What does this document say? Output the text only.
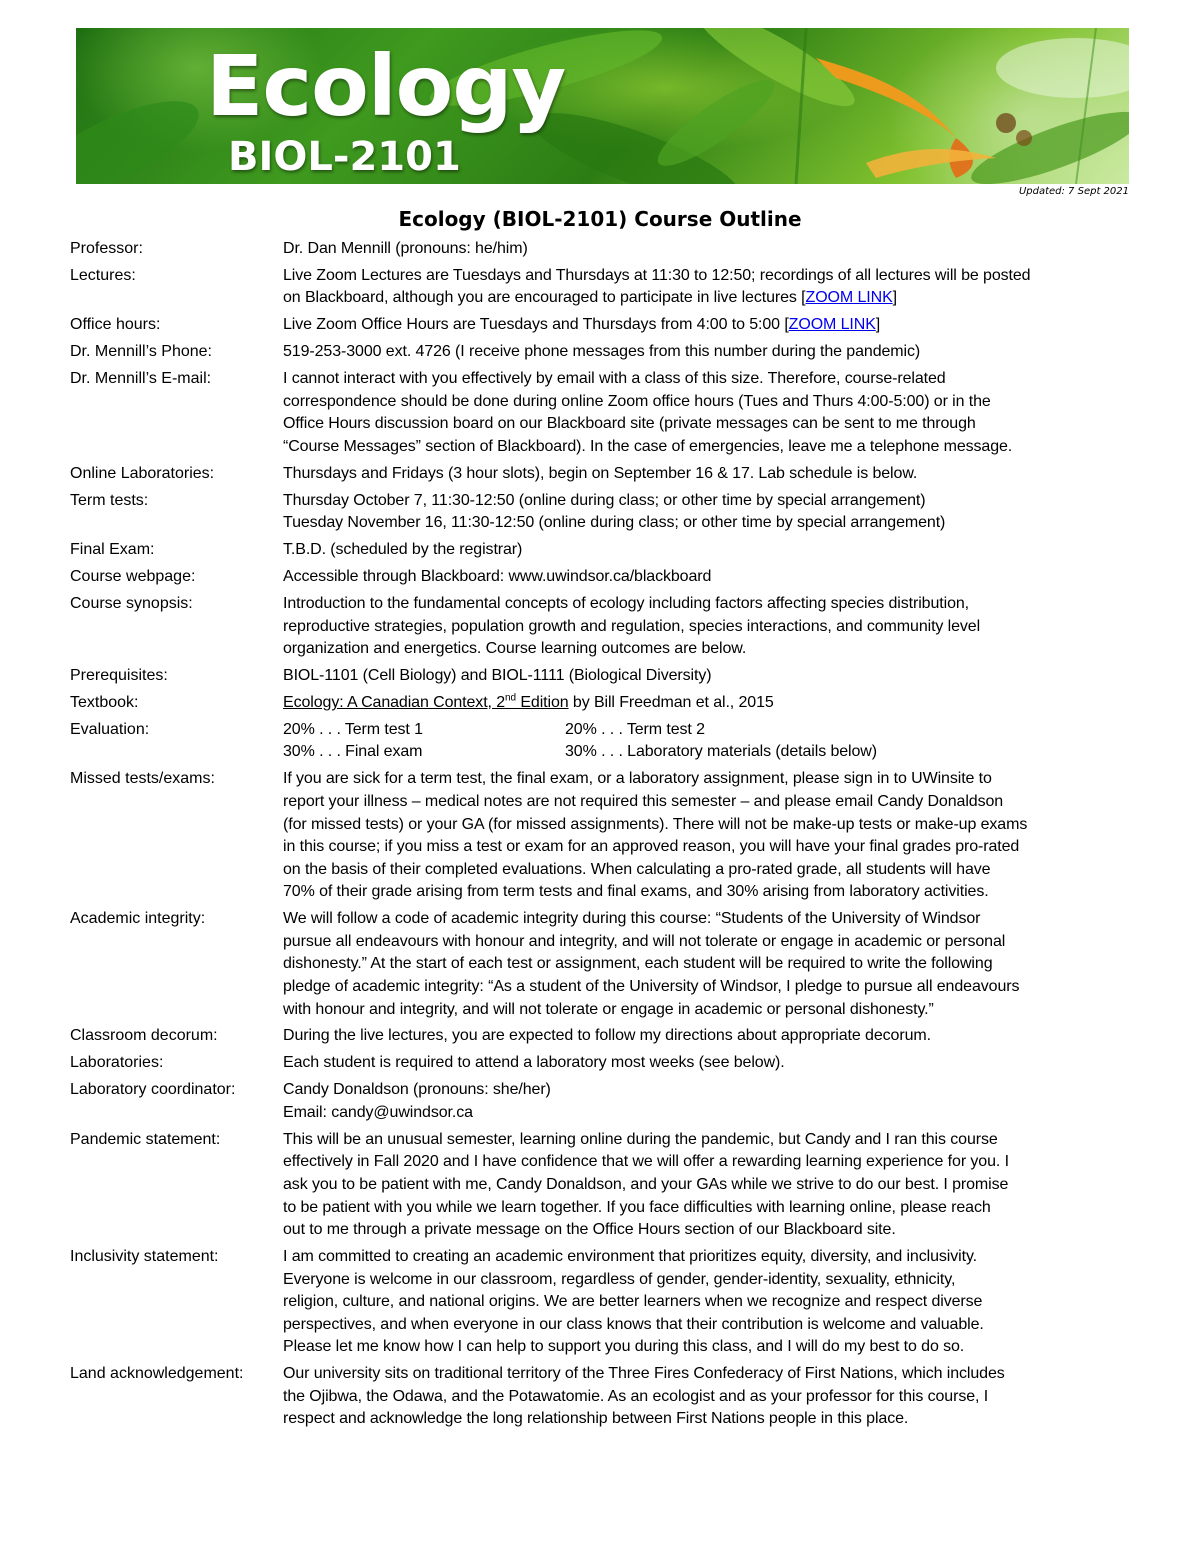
Ecology
BIOL-2101
Updated: 7 Sept 2021
Ecology (BIOL-2101) Course Outline
Professor:	Dr. Dan Mennill (pronouns: he/him)
Lectures:	Live Zoom Lectures are Tuesdays and Thursdays at 11:30 to 12:50; recordings of all lectures will be posted
on Blackboard, although you are encouraged to participate in live lectures [ZOOM LINK]
Office hours:	Live Zoom Office Hours are Tuesdays and Thursdays from 4:00 to 5:00 [ZOOM LINK]
Dr. Mennill’s Phone:	519-253-3000 ext. 4726 (I receive phone messages from this number during the pandemic)
Dr. Mennill’s E-mail:	I cannot interact with you effectively by email with a class of this size. Therefore, course-related
correspondence should be done during online Zoom office hours (Tues and Thurs 4:00-5:00) or in the
Office Hours discussion board on our Blackboard site (private messages can be sent to me through
“Course Messages” section of Blackboard). In the case of emergencies, leave me a telephone message.
Online Laboratories:	Thursdays and Fridays (3 hour slots), begin on September 16 & 17. Lab schedule is below.
Term tests:	Thursday October 7, 11:30-12:50 (online during class; or other time by special arrangement)
Tuesday November 16, 11:30-12:50 (online during class; or other time by special arrangement)
Final Exam:	T.B.D. (scheduled by the registrar)
Course webpage:	Accessible through Blackboard: www.uwindsor.ca/blackboard
Course synopsis:	Introduction to the fundamental concepts of ecology including factors affecting species distribution,
reproductive strategies, population growth and regulation, species interactions, and community level
organization and energetics. Course learning outcomes are below.
Prerequisites:	BIOL-1101 (Cell Biology) and BIOL-1111 (Biological Diversity)
Textbook:	Ecology: A Canadian Context, 2nd Edition by Bill Freedman et al., 2015
Evaluation:	20% . . . Term test 1	20% . . . Term test 2
30% . . . Final exam	30% . . . Laboratory materials (details below)
Missed tests/exams:	If you are sick for a term test, the final exam, or a laboratory assignment, please sign in to UWinsite to
report your illness – medical notes are not required this semester – and please email Candy Donaldson
(for missed tests) or your GA (for missed assignments). There will not be make-up tests or make-up exams
in this course; if you miss a test or exam for an approved reason, you will have your final grades pro-rated
on the basis of their completed evaluations. When calculating a pro-rated grade, all students will have
70% of their grade arising from term tests and final exams, and 30% arising from laboratory activities.
Academic integrity:	We will follow a code of academic integrity during this course: “Students of the University of Windsor
pursue all endeavours with honour and integrity, and will not tolerate or engage in academic or personal
dishonesty.” At the start of each test or assignment, each student will be required to write the following
pledge of academic integrity: “As a student of the University of Windsor, I pledge to pursue all endeavours
with honour and integrity, and will not tolerate or engage in academic or personal dishonesty.”
Classroom decorum:	During the live lectures, you are expected to follow my directions about appropriate decorum.
Laboratories:	Each student is required to attend a laboratory most weeks (see below).
Laboratory coordinator:	Candy Donaldson (pronouns: she/her)
Email: candy@uwindsor.ca
Pandemic statement:	This will be an unusual semester, learning online during the pandemic, but Candy and I ran this course
effectively in Fall 2020 and I have confidence that we will offer a rewarding learning experience for you. I
ask you to be patient with me, Candy Donaldson, and your GAs while we strive to do our best. I promise
to be patient with you while we learn together. If you face difficulties with learning online, please reach
out to me through a private message on the Office Hours section of our Blackboard site.
Inclusivity statement:	I am committed to creating an academic environment that prioritizes equity, diversity, and inclusivity.
Everyone is welcome in our classroom, regardless of gender, gender-identity, sexuality, ethnicity,
religion, culture, and national origins. We are better learners when we recognize and respect diverse
perspectives, and when everyone in our class knows that their contribution is welcome and valuable.
Please let me know how I can help to support you during this class, and I will do my best to do so.
Land acknowledgement:	Our university sits on traditional territory of the Three Fires Confederacy of First Nations, which includes
the Ojibwa, the Odawa, and the Potawatomie. As an ecologist and as your professor for this course, I
respect and acknowledge the long relationship between First Nations people in this place.
